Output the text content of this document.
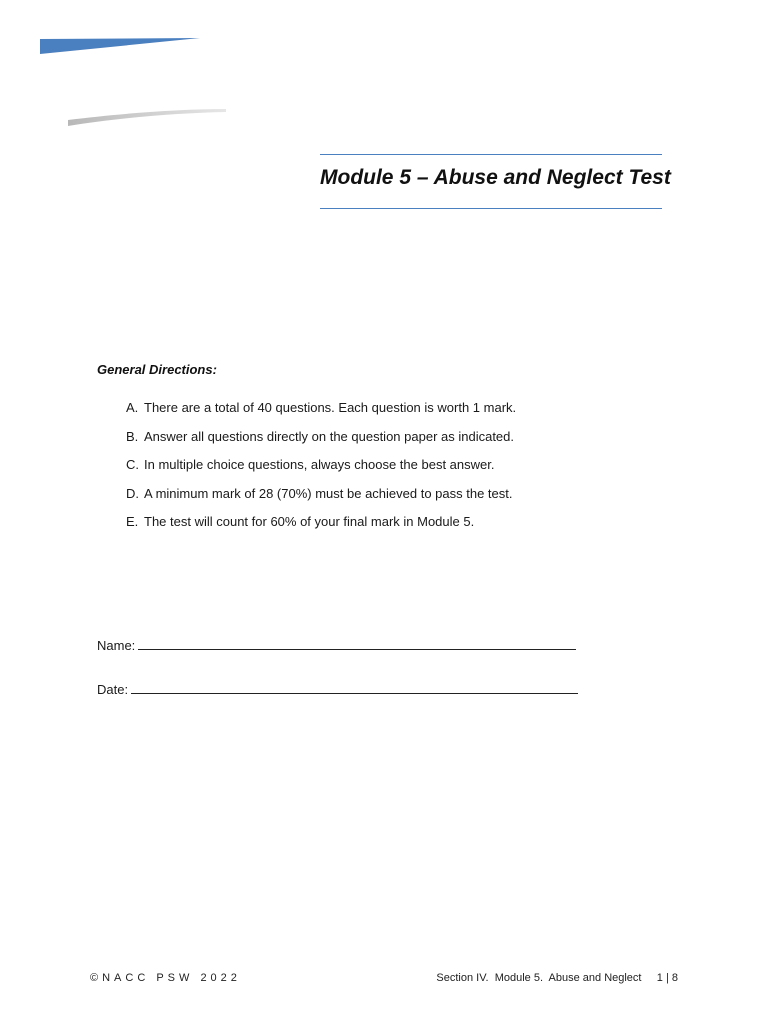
Module 5 – Abuse and Neglect Test
General Directions:
A. There are a total of 40 questions. Each question is worth 1 mark.
B. Answer all questions directly on the question paper as indicated.
C. In multiple choice questions, always choose the best answer.
D. A minimum mark of 28 (70%) must be achieved to pass the test.
E. The test will count for 60% of your final mark in Module 5.
Name:
Date:
©NACC PSW 2022	Section IV.  Module 5.  Abuse and Neglect 1 | 8
